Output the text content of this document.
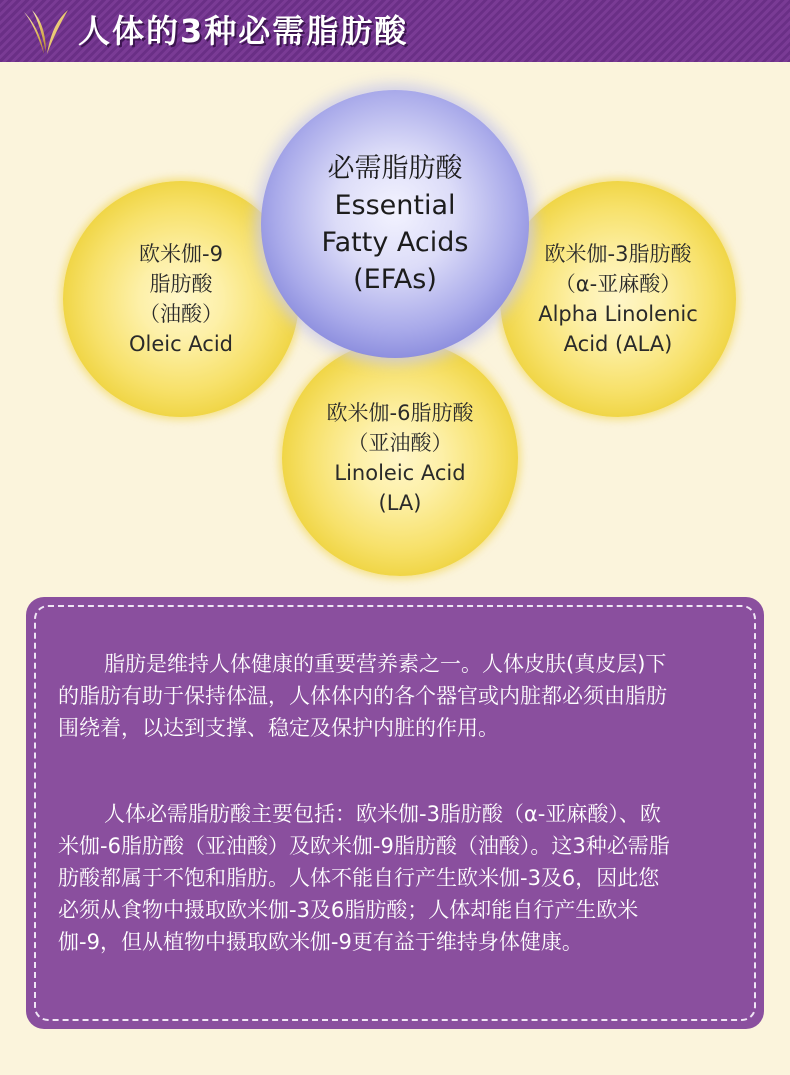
人体的3种必需脂肪酸
欧米伽-9
脂肪酸
（油酸）
Oleic Acid
欧米伽-3脂肪酸
（α-亚麻酸）
Alpha Linolenic
Acid (ALA)
欧米伽-6脂肪酸
（亚油酸）
Linoleic Acid
(LA)
必需脂肪酸
Essential
Fatty Acids
(EFAs)

脂肪是维持人体健康的重要营养素之一。人体皮肤(真皮层)下的脂肪有助于保持体温，人体体内的各个器官或内脏都必须由脂肪围绕着，以达到支撑、稳定及保护内脏的作用。

人体必需脂肪酸主要包括：欧米伽-3脂肪酸（α-亚麻酸）、欧米伽-6脂肪酸（亚油酸）及欧米伽-9脂肪酸（油酸）。这3种必需脂肪酸都属于不饱和脂肪。人体不能自行产生欧米伽-3及6，因此您必须从食物中摄取欧米伽-3及6脂肪酸；人体却能自行产生欧米伽-9，但从植物中摄取欧米伽-9更有益于维持身体健康。
